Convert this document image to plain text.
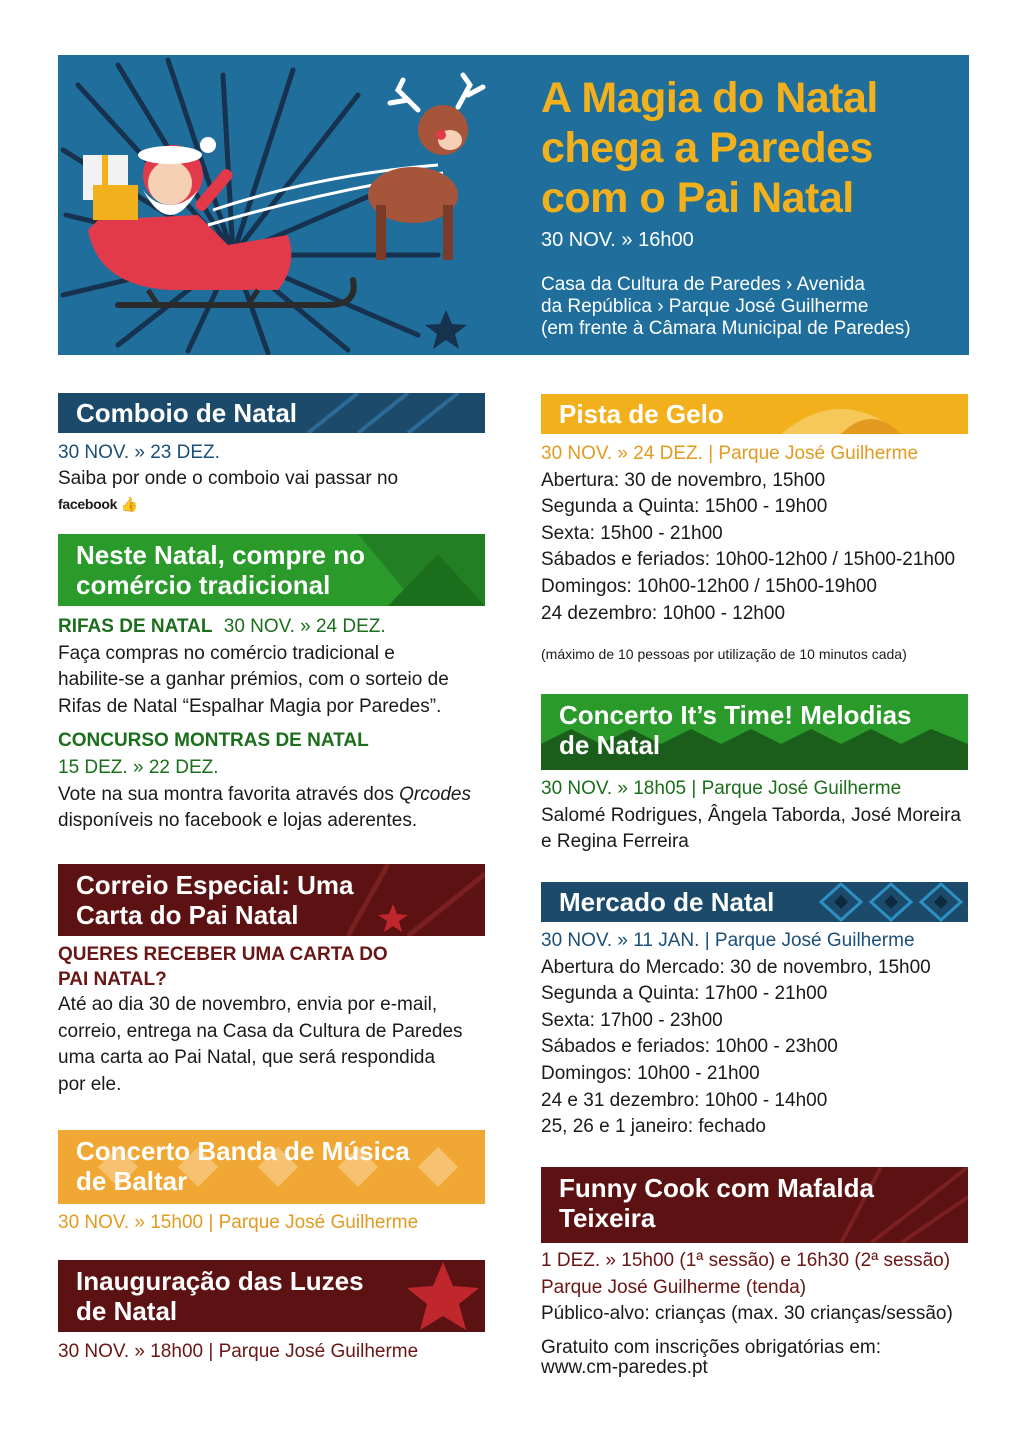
A Magia do Natal
chega a Paredes
com o Pai Natal
30 NOV. » 16h00
Casa da Cultura de Paredes › Avenida
da República › Parque José Guilherme
(em frente à Câmara Municipal de Paredes)
Comboio de Natal
30 NOV. » 23 DEZ.
Saiba por onde o comboio vai passar no
facebook 👍
Neste Natal, compre no
comércio tradicional
RIFAS DE NATAL 30 NOV. » 24 DEZ.
Faça compras no comércio tradicional e
habilite-se a ganhar prémios, com o sorteio de
Rifas de Natal “Espalhar Magia por Paredes”.
CONCURSO MONTRAS DE NATAL
15 DEZ. » 22 DEZ.
Vote na sua montra favorita através dos Qrcodes
disponíveis no facebook e lojas aderentes.
Correio Especial: Uma
Carta do Pai Natal
QUERES RECEBER UMA CARTA DO
PAI NATAL?
Até ao dia 30 de novembro, envia por e-mail,
correio, entrega na Casa da Cultura de Paredes
uma carta ao Pai Natal, que será respondida
por ele.
Concerto Banda de Música
de Baltar
30 NOV. » 15h00 | Parque José Guilherme
Inauguração das Luzes
de Natal
30 NOV. » 18h00 | Parque José Guilherme
Pista de Gelo
30 NOV. » 24 DEZ. | Parque José Guilherme
Abertura: 30 de novembro, 15h00
Segunda a Quinta: 15h00 - 19h00
Sexta: 15h00 - 21h00
Sábados e feriados: 10h00-12h00 / 15h00-21h00
Domingos: 10h00-12h00 / 15h00-19h00
24 dezembro: 10h00 - 12h00
(máximo de 10 pessoas por utilização de 10 minutos cada)
Concerto It’s Time! Melodias
de Natal
30 NOV. » 18h05 | Parque José Guilherme
Salomé Rodrigues, Ângela Taborda, José Moreira
e Regina Ferreira
Mercado de Natal
30 NOV. » 11 JAN. | Parque José Guilherme
Abertura do Mercado: 30 de novembro, 15h00
Segunda a Quinta: 17h00 - 21h00
Sexta: 17h00 - 23h00
Sábados e feriados: 10h00 - 23h00
Domingos: 10h00 - 21h00
24 e 31 dezembro: 10h00 - 14h00
25, 26 e 1 janeiro: fechado
Funny Cook com Mafalda
Teixeira
1 DEZ. » 15h00 (1ª sessão) e 16h30 (2ª sessão)
Parque José Guilherme (tenda)
Público-alvo: crianças (max. 30 crianças/sessão)
Gratuito com inscrições obrigatórias em:
www.cm-paredes.pt
